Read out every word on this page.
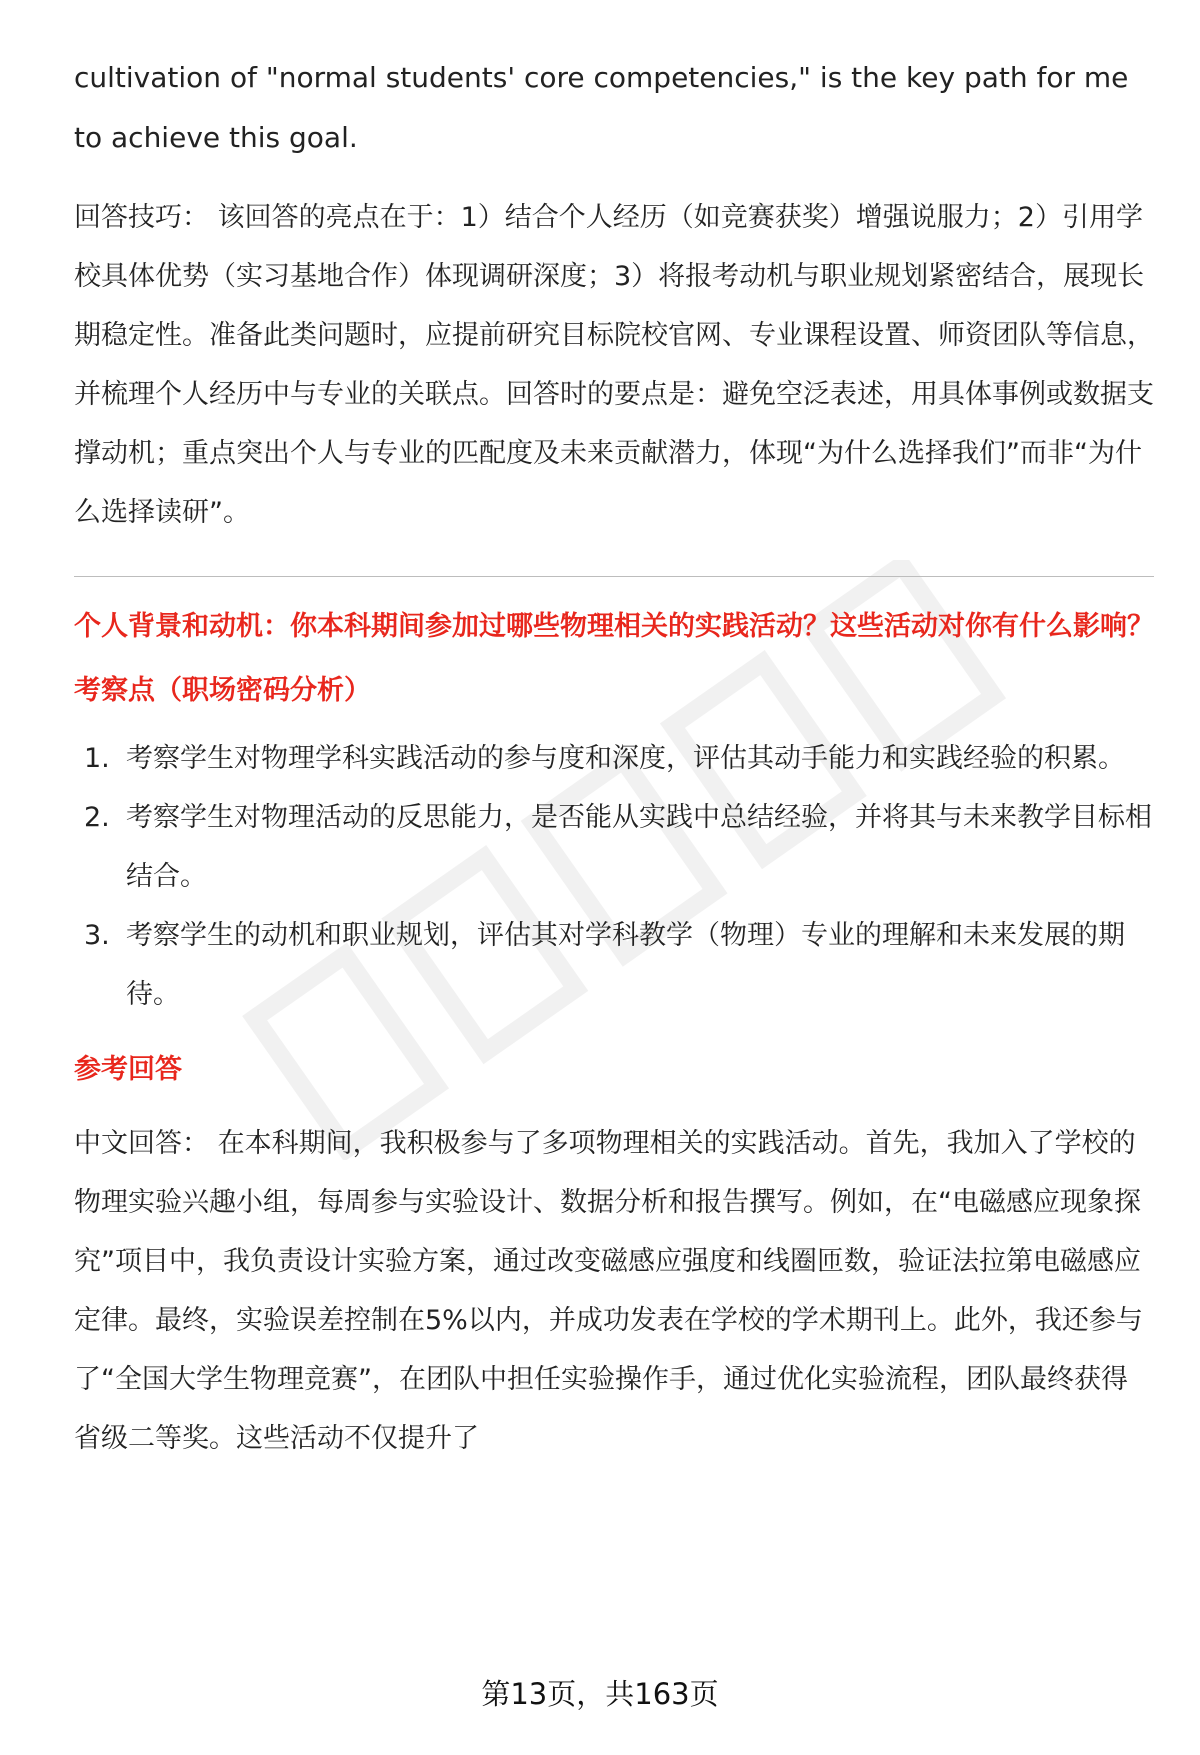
cultivation of "normal students' core competencies," is the key path for me to achieve this goal.

回答技巧： 该回答的亮点在于：1）结合个人经历（如竞赛获奖）增强说服力；2）引用学校具体优势（实习基地合作）体现调研深度；3）将报考动机与职业规划紧密结合，展现长期稳定性。准备此类问题时，应提前研究目标院校官网、专业课程设置、师资团队等信息，并梳理个人经历中与专业的关联点。回答时的要点是：避免空泛表述，用具体事例或数据支撑动机；重点突出个人与专业的匹配度及未来贡献潜力，体现“为什么选择我们”而非“为什么选择读研”。

个人背景和动机：你本科期间参加过哪些物理相关的实践活动？这些活动对你有什么影响？

考察点（职场密码分析）

1. 考察学生对物理学科实践活动的参与度和深度，评估其动手能力和实践经验的积累。
2. 考察学生对物理活动的反思能力，是否能从实践中总结经验，并将其与未来教学目标相结合。
3. 考察学生的动机和职业规划，评估其对学科教学（物理）专业的理解和未来发展的期待。

参考回答

中文回答： 在本科期间，我积极参与了多项物理相关的实践活动。首先，我加入了学校的物理实验兴趣小组，每周参与实验设计、数据分析和报告撰写。例如，在“电磁感应现象探究”项目中，我负责设计实验方案，通过改变磁感应强度和线圈匝数，验证法拉第电磁感应定律。最终，实验误差控制在5%以内，并成功发表在学校的学术期刊上。此外，我还参与了“全国大学生物理竞赛”，在团队中担任实验操作手，通过优化实验流程，团队最终获得省级二等奖。这些活动不仅提升了

第13页，共163页
